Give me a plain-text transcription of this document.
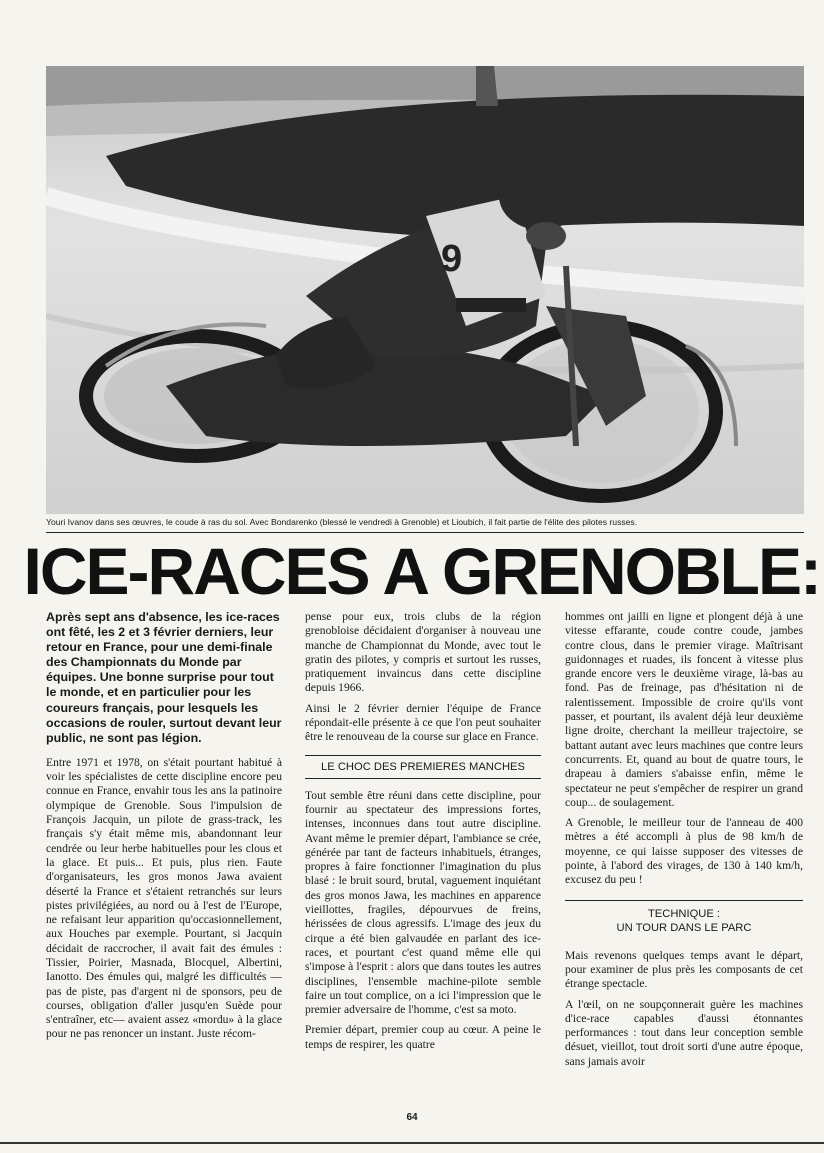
9
Youri Ivanov dans ses œuvres, le coude à ras du sol. Avec Bondarenko (blessé le vendredi à Grenoble) et Lioubich, il fait partie de l'élite des pilotes russes.
ICE-RACES A GRENOBLE:

Après sept ans d'absence, les ice-races ont fêté, les 2 et 3 février derniers, leur retour en France, pour une demi-finale des Championnats du Monde par équipes. Une bonne surprise pour tout le monde, et en particulier pour les coureurs français, pour lesquels les occasions de rouler, surtout devant leur public, ne sont pas légion.

Entre 1971 et 1978, on s'était pourtant habitué à voir les spécialistes de cette discipline encore peu connue en France, envahir tous les ans la patinoire olympique de Grenoble. Sous l'impulsion de François Jacquin, un pilote de grass-track, les français s'y était même mis, abandonnant leur cendrée ou leur herbe habituelles pour les clous et la glace. Et puis... Et puis, plus rien. Faute d'organisateurs, les gros monos Jawa avaient déserté la France et s'étaient retranchés sur leurs pistes privilégiées, au nord ou à l'est de l'Europe, ne refaisant leur apparition qu'occasionnellement, aux Houches par exemple. Pourtant, si Jacquin décidait de raccrocher, il avait fait des émules : Tissier, Poirier, Masnada, Blocquel, Albertini, Ianotto. Des émules qui, malgré les difficultés —pas de piste, pas d'argent ni de sponsors, peu de courses, obligation d'aller jusqu'en Suède pour s'entraîner, etc— avaient assez «mordu» à la glace pour ne pas renoncer un instant. Juste récom-

pense pour eux, trois clubs de la région grenobloise décidaient d'organiser à nouveau une manche de Championnat du Monde, avec tout le gratin des pilotes, y compris et surtout les russes, pratiquement invaincus dans cette discipline depuis 1966.

Ainsi le 2 février dernier l'équipe de France répondait-elle présente à ce que l'on peut souhaiter être le renouveau de la course sur glace en France.

LE CHOC DES PREMIERES MANCHES

Tout semble être réuni dans cette discipline, pour fournir au spectateur des impressions fortes, intenses, inconnues dans tout autre discipline. Avant même le premier départ, l'ambiance se crée, générée par tant de facteurs inhabituels, étranges, propres à faire fonctionner l'imagination du plus blasé : le bruit sourd, brutal, vaguement inquiétant des gros monos Jawa, les machines en apparence vieillottes, fragiles, dépourvues de freins, hérissées de clous agressifs. L'image des jeux du cirque a été bien galvaudée en parlant des ice-races, et pourtant c'est quand même elle qui s'impose à l'esprit : alors que dans toutes les autres disciplines, l'ensemble machine-pilote semble faire un tout complice, on a ici l'impression que le premier adversaire de l'homme, c'est sa moto.

Premier départ, premier coup au cœur. A peine le temps de respirer, les quatre

hommes ont jailli en ligne et plongent déjà à une vitesse effarante, coude contre coude, jambes contre clous, dans le premier virage. Maîtrisant guidonnages et ruades, ils foncent à vitesse plus grande encore vers le deuxième virage, là-bas au fond. Pas de freinage, pas d'hésitation ni de ralentissement. Impossible de croire qu'ils vont passer, et pourtant, ils avalent déjà leur deuxième ligne droite, cherchant la meilleur trajectoire, se battant autant avec leurs machines que contre leurs concurrents. Et, quand au bout de quatre tours, le drapeau à damiers s'abaisse enfin, même le spectateur ne peut s'empêcher de respirer un grand coup... de soulagement.

A Grenoble, le meilleur tour de l'anneau de 400 mètres a été accompli à plus de 98 km/h de moyenne, ce qui laisse supposer des vitesses de pointe, à l'abord des virages, de 130 à 140 km/h, excusez du peu !

TECHNIQUE :
UN TOUR DANS LE PARC

Mais revenons quelques temps avant le départ, pour examiner de plus près les composants de cet étrange spectacle.

A l'œil, on ne soupçonnerait guère les machines d'ice-race capables d'aussi étonnantes performances : tout dans leur conception semble désuet, vieillot, tout droit sorti d'une autre époque, sans jamais avoir

64
